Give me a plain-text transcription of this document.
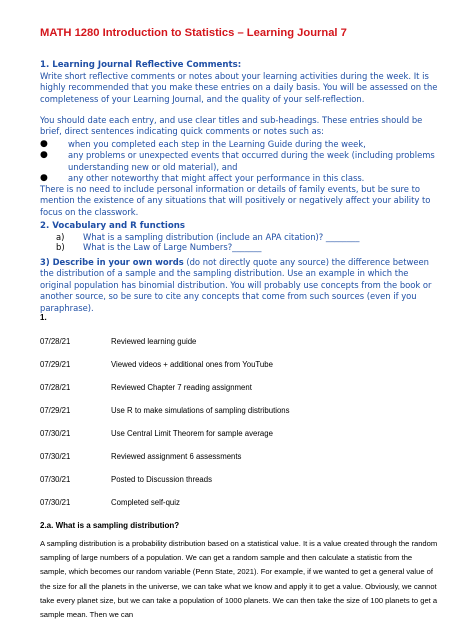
MATH 1280 Introduction to Statistics – Learning Journal 7
1. Learning Journal Reflective Comments:

Write short reflective comments or notes about your learning activities during the week. It is highly recommended that you make these entries on a daily basis. You will be assessed on the completeness of your Learning Journal, and the quality of your self-reflection.

You should date each entry, and use clear titles and sub-headings. These entries should be brief, direct sentences indicating quick comments or notes such as:

● when you completed each step in the Learning Guide during the week,
● any problems or unexpected events that occurred during the week (including problems understanding new or old material), and
● any other noteworthy that might affect your performance in this class.

There is no need to include personal information or details of family events, but be sure to mention the existence of any situations that will positively or negatively affect your ability to focus on the classwork.

2. Vocabulary and R functions
a) What is a sampling distribution (include an APA citation)? ________
b) What is the Law of Large Numbers?_______

3) Describe in your own words (do not directly quote any source) the difference between the distribution of a sample and the sampling distribution. Use an example in which the original population has binomial distribution. You will probably use concepts from the book or another source, so be sure to cite any concepts that come from such sources (even if you paraphrase).

1.
07/28/21	Reviewed learning guide
07/29/21	Viewed videos + additional ones from YouTube
07/28/21	Reviewed Chapter 7 reading assignment
07/29/21	Use R to make simulations of sampling distributions
07/30/21	Use Central Limit Theorem for sample average
07/30/21	Reviewed assignment 6 assessments
07/30/21	Posted to Discussion threads
07/30/21	Completed self-quiz
2.a. What is a sampling distribution?

A sampling distribution is a probability distribution based on a statistical value. It is a value created through the random sampling of large numbers of a population. We can get a random sample and then calculate a statistic from the sample, which becomes our random variable (Penn State, 2021). For example, if we wanted to get a general value of the size for all the planets in the universe, we can take what we know and apply it to get a value. Obviously, we cannot take every planet size, but we can take a population of 1000 planets. We can then take the size of 100 planets to get a sample mean. Then we can
